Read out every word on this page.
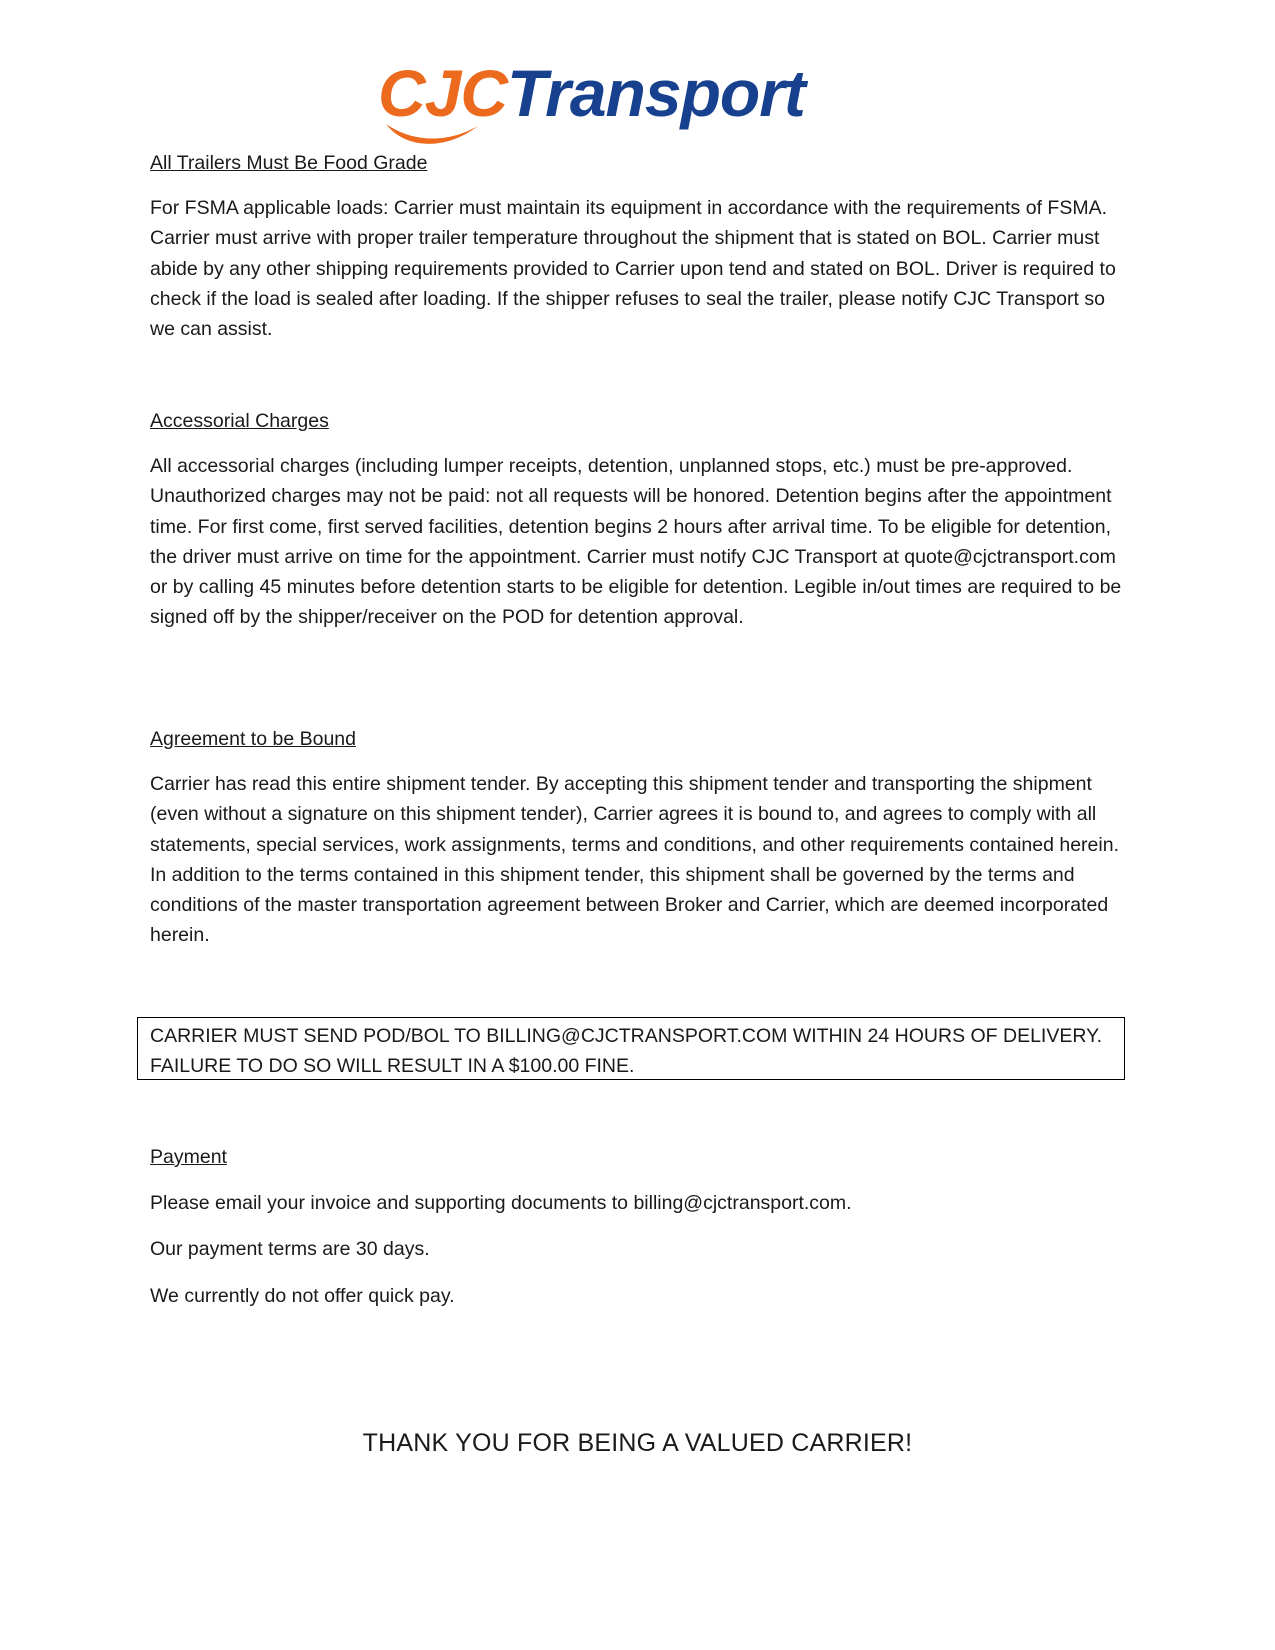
CJCTransport
All Trailers Must Be Food Grade
For FSMA applicable loads: Carrier must maintain its equipment in accordance with the requirements of FSMA. Carrier must arrive with proper trailer temperature throughout the shipment that is stated on BOL. Carrier must abide by any other shipping requirements provided to Carrier upon tend and stated on BOL. Driver is required to check if the load is sealed after loading. If the shipper refuses to seal the trailer, please notify CJC Transport so we can assist.
Accessorial Charges
All accessorial charges (including lumper receipts, detention, unplanned stops, etc.) must be pre-approved. Unauthorized charges may not be paid: not all requests will be honored. Detention begins after the appointment time. For first come, first served facilities, detention begins 2 hours after arrival time. To be eligible for detention, the driver must arrive on time for the appointment. Carrier must notify CJC Transport at quote@cjctransport.com or by calling 45 minutes before detention starts to be eligible for detention. Legible in/out times are required to be signed off by the shipper/receiver on the POD for detention approval.
Agreement to be Bound
Carrier has read this entire shipment tender. By accepting this shipment tender and transporting the shipment (even without a signature on this shipment tender), Carrier agrees it is bound to, and agrees to comply with all statements, special services, work assignments, terms and conditions, and other requirements contained herein. In addition to the terms contained in this shipment tender, this shipment shall be governed by the terms and conditions of the master transportation agreement between Broker and Carrier, which are deemed incorporated herein.
CARRIER MUST SEND POD/BOL TO BILLING@CJCTRANSPORT.COM WITHIN 24 HOURS OF DELIVERY.
FAILURE TO DO SO WILL RESULT IN A $100.00 FINE.
Payment
Please email your invoice and supporting documents to billing@cjctransport.com.
Our payment terms are 30 days.
We currently do not offer quick pay.
THANK YOU FOR BEING A VALUED CARRIER!
